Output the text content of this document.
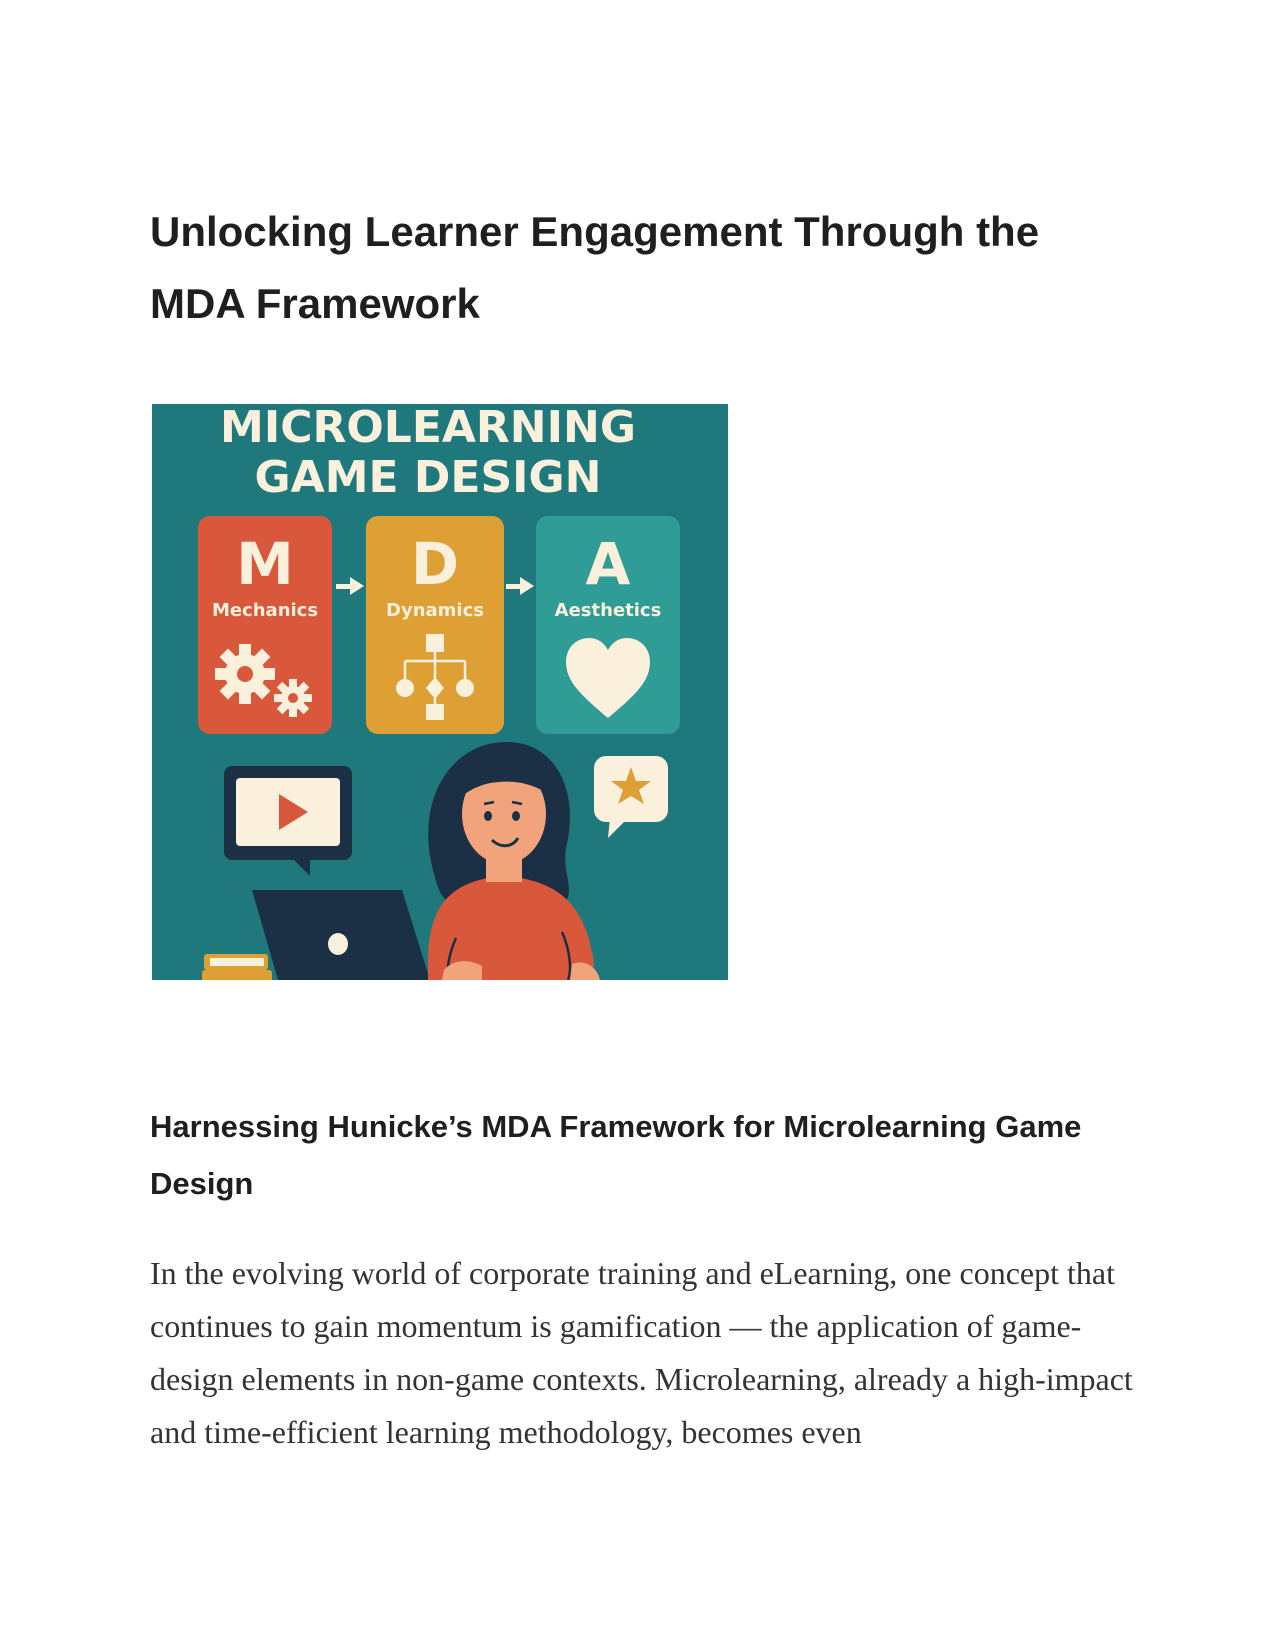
Unlocking Learner Engagement Through the MDA Framework
MICROLEARNING
GAME DESIGN
M
Mechanics
D
Dynamics
A
Aesthetics
Harnessing Hunicke’s MDA Framework for Microlearning Game Design

In the evolving world of corporate training and eLearning, one concept that continues to gain momentum is gamification — the application of game-design elements in non-game contexts. Microlearning, already a high-impact and time-efficient learning methodology, becomes even
